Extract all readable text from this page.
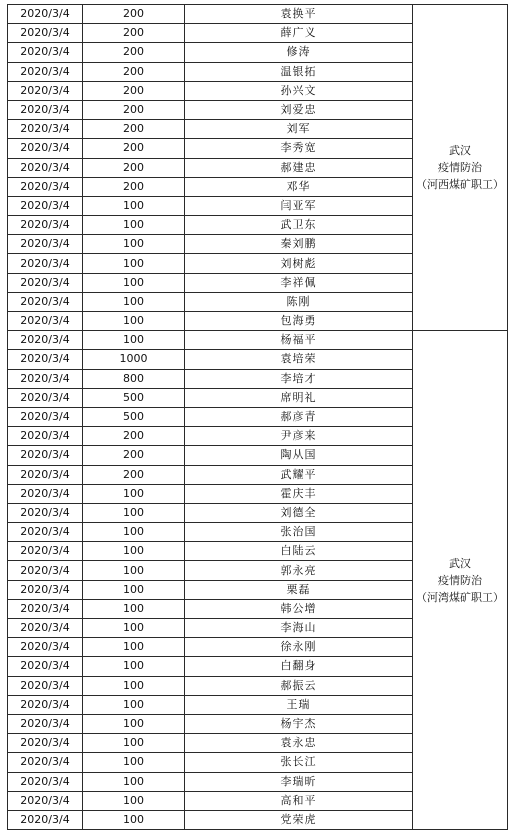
2020/3/4	200	袁换平	武汉
疫情防治
（河西煤矿职工）

2020/3/4	200	薛广义	
2020/3/4	200	修涛	
2020/3/4	200	温银拓	
2020/3/4	200	孙兴文	
2020/3/4	200	刘爱忠	
2020/3/4	200	刘军	
2020/3/4	200	李秀宽	
2020/3/4	200	郝建忠	
2020/3/4	200	邓华	
2020/3/4	100	闫亚军	
2020/3/4	100	武卫东	
2020/3/4	100	秦刘鹏	
2020/3/4	100	刘树彪	
2020/3/4	100	李祥佩	
2020/3/4	100	陈刚	
2020/3/4	100	包海勇	
2020/3/4	100	杨福平	武汉
疫情防治
（河湾煤矿职工）

2020/3/4	1000	袁培荣	
2020/3/4	800	李培才	
2020/3/4	500	席明礼	
2020/3/4	500	郝彦青	
2020/3/4	200	尹彦来	
2020/3/4	200	陶从国	
2020/3/4	200	武耀平	
2020/3/4	100	霍庆丰	
2020/3/4	100	刘德全	
2020/3/4	100	张治国	
2020/3/4	100	白陆云	
2020/3/4	100	郭永亮	
2020/3/4	100	栗磊	
2020/3/4	100	韩公增	
2020/3/4	100	李海山	
2020/3/4	100	徐永刚	
2020/3/4	100	白翻身	
2020/3/4	100	郝振云	
2020/3/4	100	王瑞	
2020/3/4	100	杨宇杰	
2020/3/4	100	袁永忠	
2020/3/4	100	张长江	
2020/3/4	100	李瑞昕	
2020/3/4	100	高和平	
2020/3/4	100	党荣虎	
